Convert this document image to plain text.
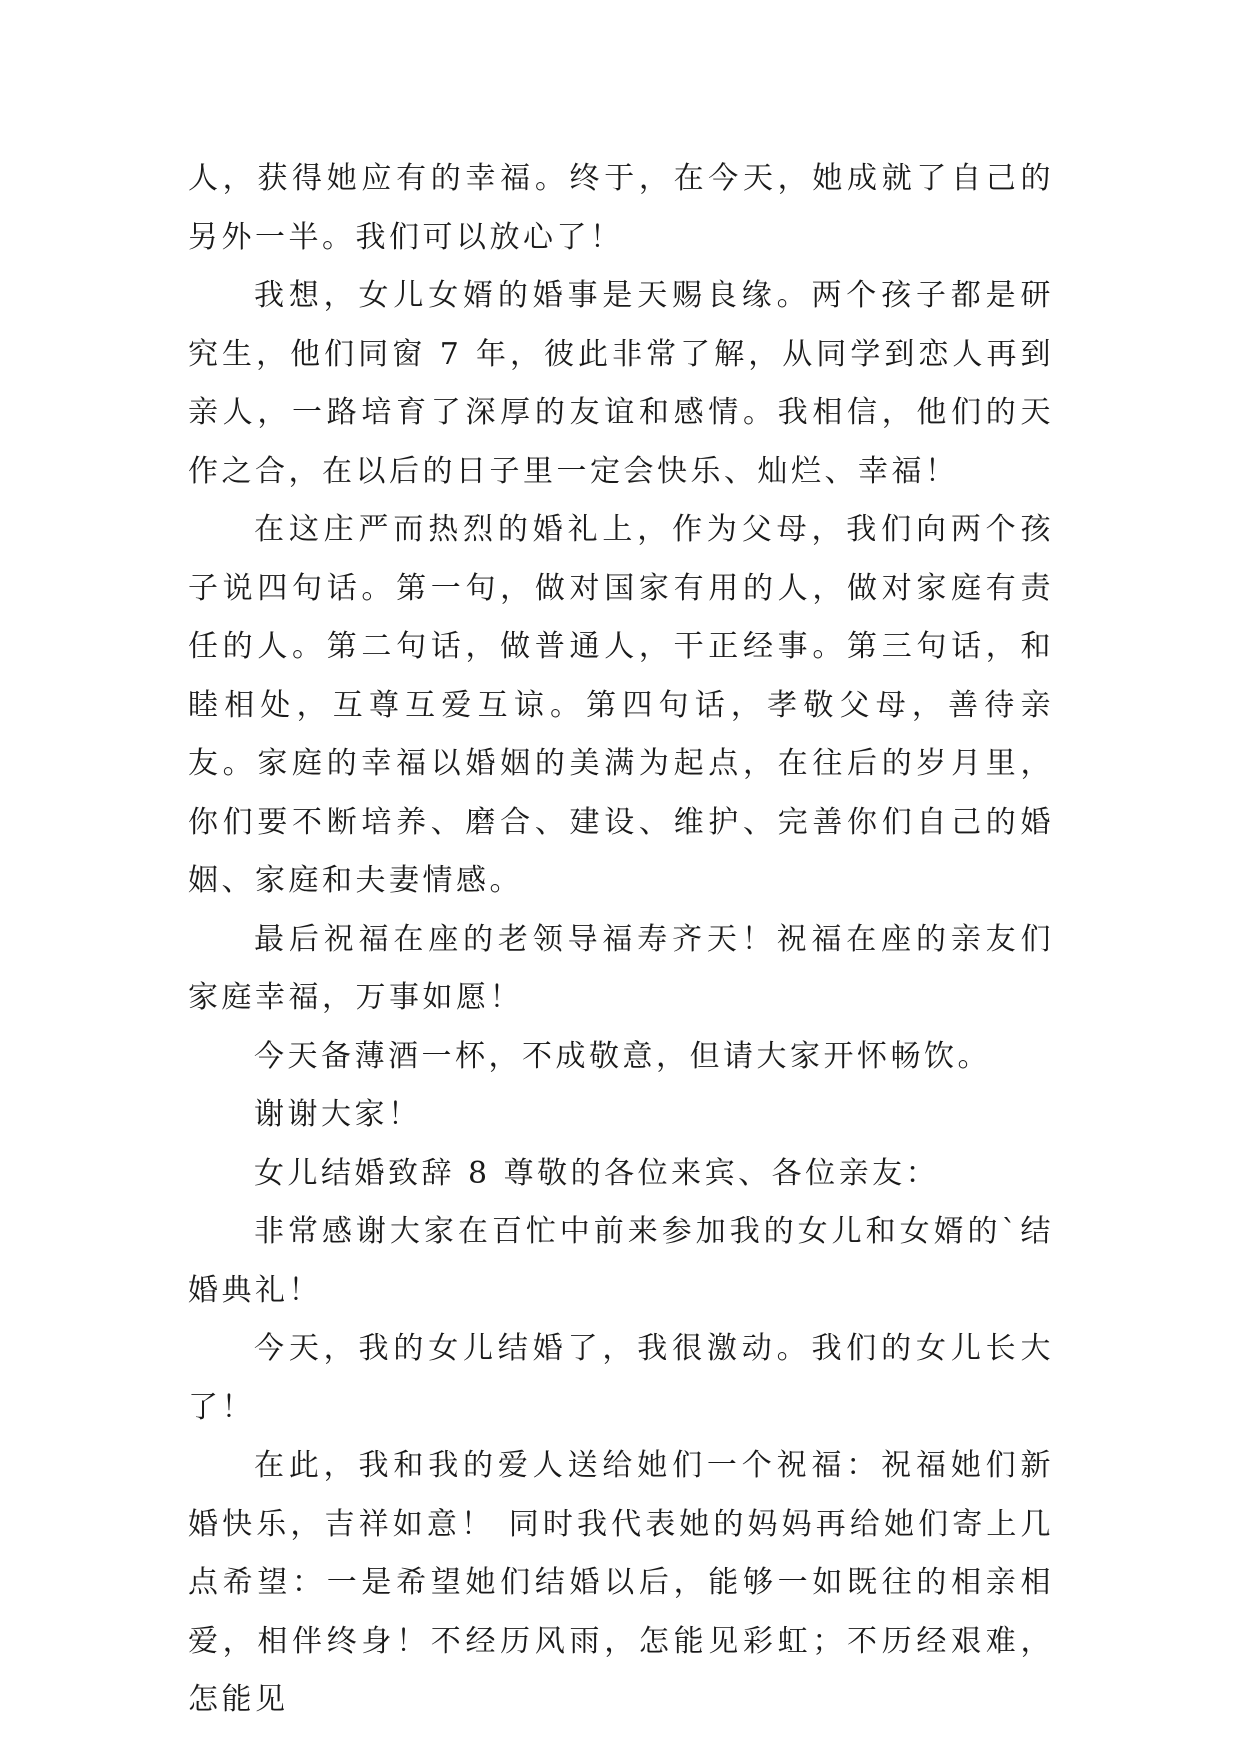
人，获得她应有的幸福。终于，在今天，她成就了自己的另外一半。我们可以放心了！

我想，女儿女婿的婚事是天赐良缘。两个孩子都是研究生，他们同窗 7 年，彼此非常了解，从同学到恋人再到亲人，一路培育了深厚的友谊和感情。我相信，他们的天作之合，在以后的日子里一定会快乐、灿烂、幸福！

在这庄严而热烈的婚礼上，作为父母，我们向两个孩子说四句话。第一句，做对国家有用的人，做对家庭有责任的人。第二句话，做普通人，干正经事。第三句话，和睦相处，互尊互爱互谅。第四句话，孝敬父母，善待亲友。家庭的幸福以婚姻的美满为起点，在往后的岁月里，你们要不断培养、磨合、建设、维护、完善你们自己的婚姻、家庭和夫妻情感。

最后祝福在座的老领导福寿齐天！祝福在座的亲友们家庭幸福，万事如愿！

今天备薄酒一杯，不成敬意，但请大家开怀畅饮。

谢谢大家！

女儿结婚致辞 8 尊敬的各位来宾、各位亲友：

非常感谢大家在百忙中前来参加我的女儿和女婿的`结婚典礼！

今天，我的女儿结婚了，我很激动。我们的女儿长大了！

在此，我和我的爱人送给她们一个祝福：祝福她们新婚快乐，吉祥如意！ 同时我代表她的妈妈再给她们寄上几点希望：一是希望她们结婚以后，能够一如既往的相亲相爱，相伴终身！不经历风雨，怎能见彩虹；不历经艰难，怎能见
